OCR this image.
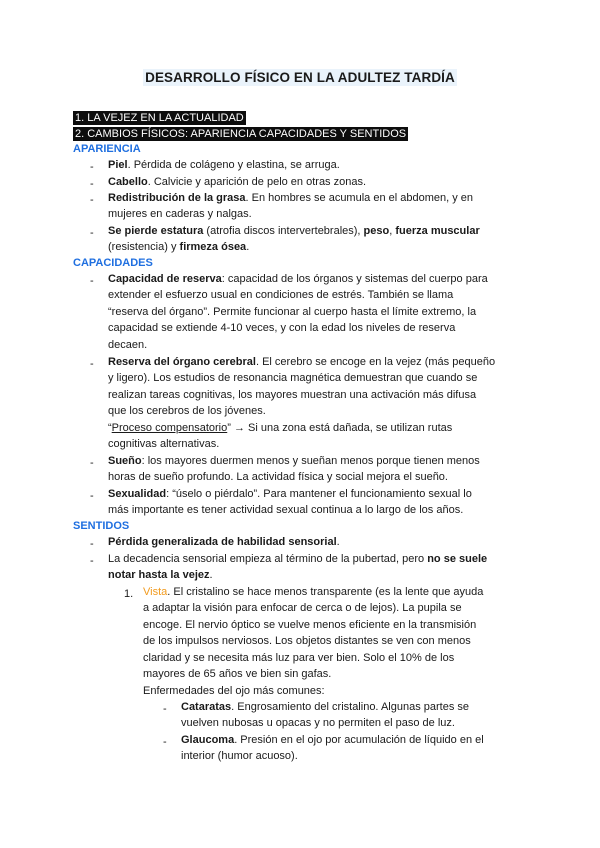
DESARROLLO FÍSICO EN LA ADULTEZ TARDÍA
1. LA VEJEZ EN LA ACTUALIDAD
2. CAMBIOS FÍSICOS: APARIENCIA CAPACIDADES Y SENTIDOS
APARIENCIA
-	Piel. Pérdida de colágeno y elastina, se arruga.
-	Cabello. Calvicie y aparición de pelo en otras zonas.
-	Redistribución de la grasa. En hombres se acumula en el abdomen, y en
mujeres en caderas y nalgas.
-	Se pierde estatura (atrofia discos intervertebrales), peso, fuerza muscular
(resistencia) y firmeza ósea.
CAPACIDADES
-	Capacidad de reserva: capacidad de los órganos y sistemas del cuerpo para
extender el esfuerzo usual en condiciones de estrés. También se llama
“reserva del órgano”. Permite funcionar al cuerpo hasta el límite extremo, la
capacidad se extiende 4-10 veces, y con la edad los niveles de reserva
decaen.
-	Reserva del órgano cerebral. El cerebro se encoge en la vejez (más pequeño
y ligero). Los estudios de resonancia magnética demuestran que cuando se
realizan tareas cognitivas, los mayores muestran una activación más difusa
que los cerebros de los jóvenes.
“Proceso compensatorio” → Si una zona está dañada, se utilizan rutas
cognitivas alternativas.
-	Sueño: los mayores duermen menos y sueñan menos porque tienen menos
horas de sueño profundo. La actividad física y social mejora el sueño.
-	Sexualidad: “úselo o piérdalo”. Para mantener el funcionamiento sexual lo
más importante es tener actividad sexual continua a lo largo de los años.
SENTIDOS
-	Pérdida generalizada de habilidad sensorial.
-	La decadencia sensorial empieza al término de la pubertad, pero no se suele
notar hasta la vejez.
1. Vista. El cristalino se hace menos transparente (es la lente que ayuda
a adaptar la visión para enfocar de cerca o de lejos). La pupila se
encoge. El nervio óptico se vuelve menos eficiente en la transmisión
de los impulsos nerviosos. Los objetos distantes se ven con menos
claridad y se necesita más luz para ver bien. Solo el 10% de los
mayores de 65 años ve bien sin gafas.
Enfermedades del ojo más comunes:
- Cataratas. Engrosamiento del cristalino. Algunas partes se
vuelven nubosas u opacas y no permiten el paso de luz.
- Glaucoma. Presión en el ojo por acumulación de líquido en el
interior (humor acuoso).
